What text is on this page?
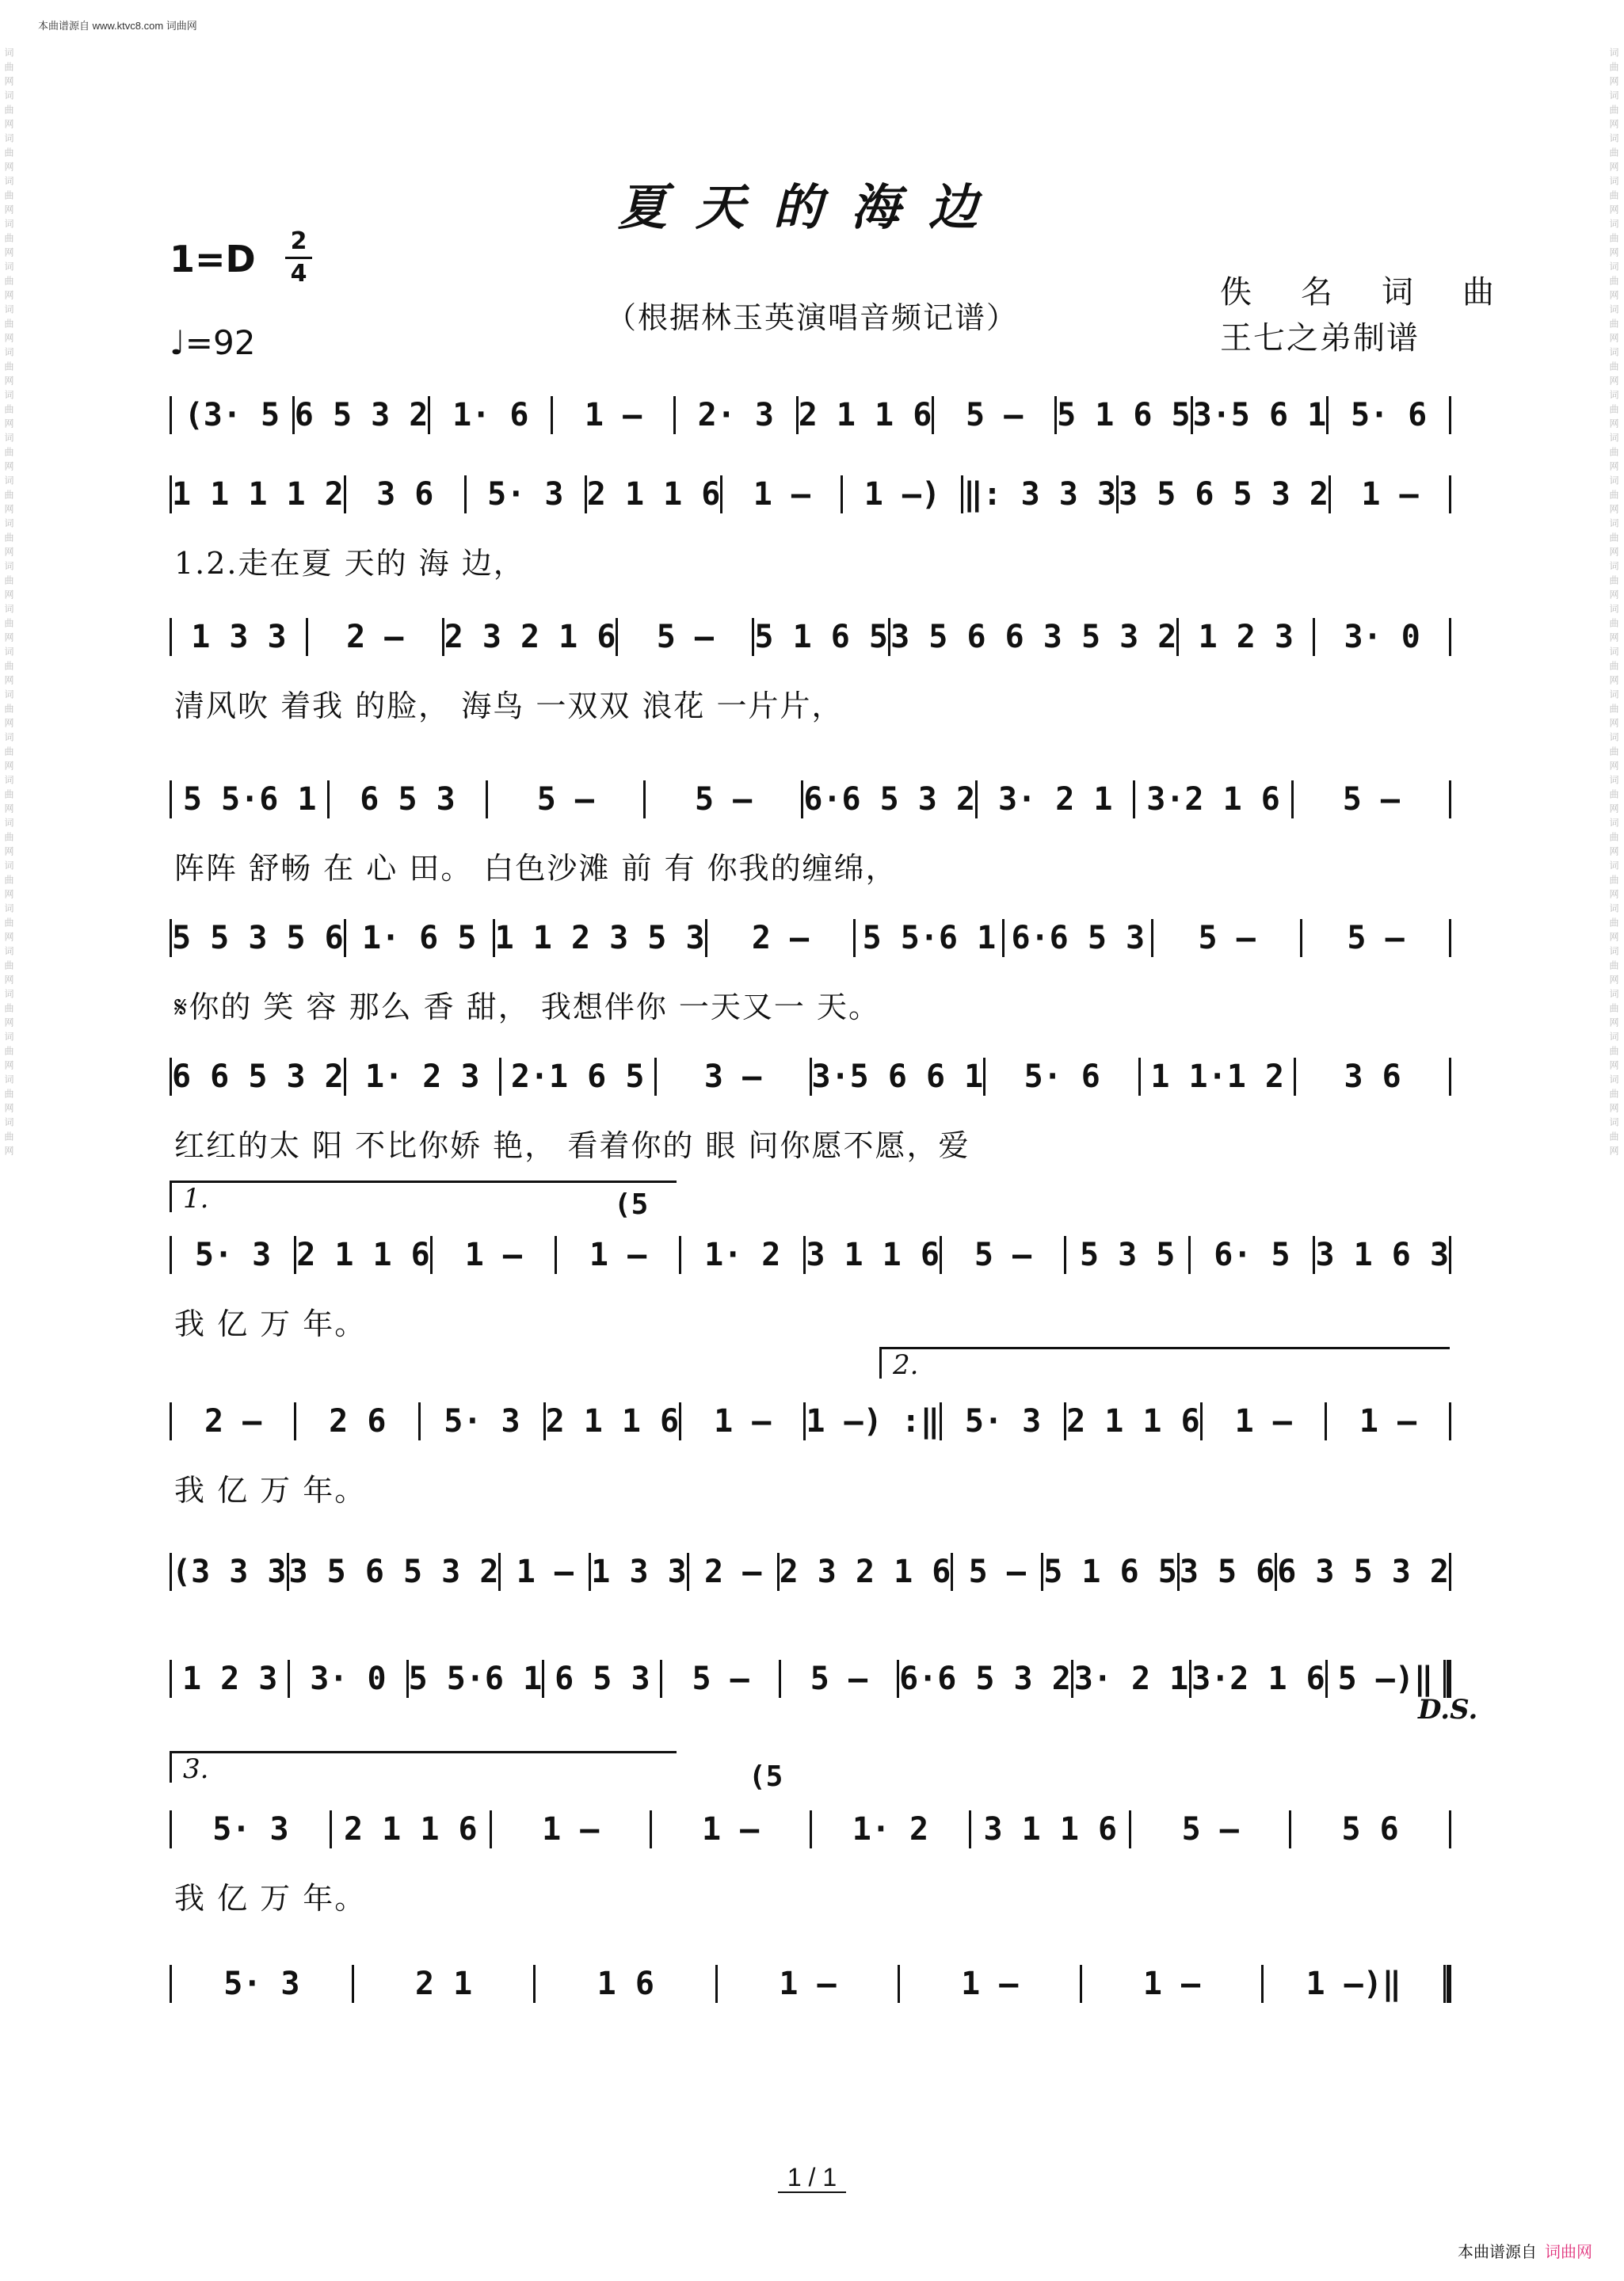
本曲谱源自 www.ktvc8.com 词曲网
词曲网词曲网词曲网词曲网词曲网词曲网词曲网词曲网词曲网词曲网词曲网词曲网词曲网词曲网词曲网词曲网词曲网词曲网词曲网词曲网词曲网词曲网词曲网词曲网词曲网词曲网	词曲网词曲网词曲网词曲网词曲网词曲网词曲网词曲网词曲网词曲网词曲网词曲网词曲网词曲网词曲网词曲网词曲网词曲网词曲网词曲网词曲网词曲网词曲网词曲网词曲网词曲网
夏天的海边
1=D 2
4
♩=92
（根据林玉英演唱音频记谱）
佚名词曲
王七之弟制谱
(3· 5 6 5 3 2 1· 6	1 –	2· 3 2 1 1 6	5 –	5 1 6 5 3·5 6 1 5· 6
1 1 1 1 2	3 6	5· 3 2 1 1 6	1 –	1 –) ‖: 3 3 3 3 5 6 5 3 2	1 –
1.2.走在夏 天的 海 边，
1 3 3	2 –	2 3 2 1 6	5 –	5 1 6 5 3 5 6 6 3 5 3 2 1 2 3	3· 0
清风吹 着我 的脸， 海鸟 一双双 浪花 一片片，
5 5·6 1	6 5 3	5 –	5 –	6·6 5 3 2 3· 2 1	3·2 1 6	5 –
阵阵 舒畅 在 心 田。 白色沙滩 前 有 你我的缠绵，
5 5 3 5 6 1· 6 5 1 1 2 3 5 3	2 –	5 5·6 1 6·6 5 3	5 –	5 –
𝄋你的 笑 容 那么 香 甜， 我想伴你 一天又一 天。
6 6 5 3 2 1· 2 3 2·1 6 5	3 –	3·5 6 6 1	5· 6	1 1·1 2	3 6
红红的太 阳 不比你娇 艳， 看着你的 眼 问你愿不愿，爱
5· 3 2 1 1 6	1 –	1 –	1· 2 3 1 1 6	5 –	5 3 5	6· 5 3 1 6 3
我 亿 万 年。
2 –	2 6	5· 3 2 1 1 6	1 –	1 –) :‖ 5· 3 2 1 1 6	1 –	1 –
我 亿 万 年。
(3 3 3 3 5 6 5 3 2 1 – 1 3 3 2 – 2 3 2 1 6 5 – 5 1 6 5 3 5 6 6 3 5 3 2
1 2 3	3· 0 5 5·6 1 6 5 3	5 –	5 –	6·6 5 3 2 3· 2 1 3·2 1 6 5 –)‖
5· 3	2 1 1 6	1 –	1 –	1· 2	3 1 1 6	5 –	5 6
我 亿 万 年。
5· 3	2 1	1 6	1 –	1 –	1 –	1 –)‖
1.	(5
2.
D.S.
3.	(5
1 / 1
本曲谱源自 词曲网
